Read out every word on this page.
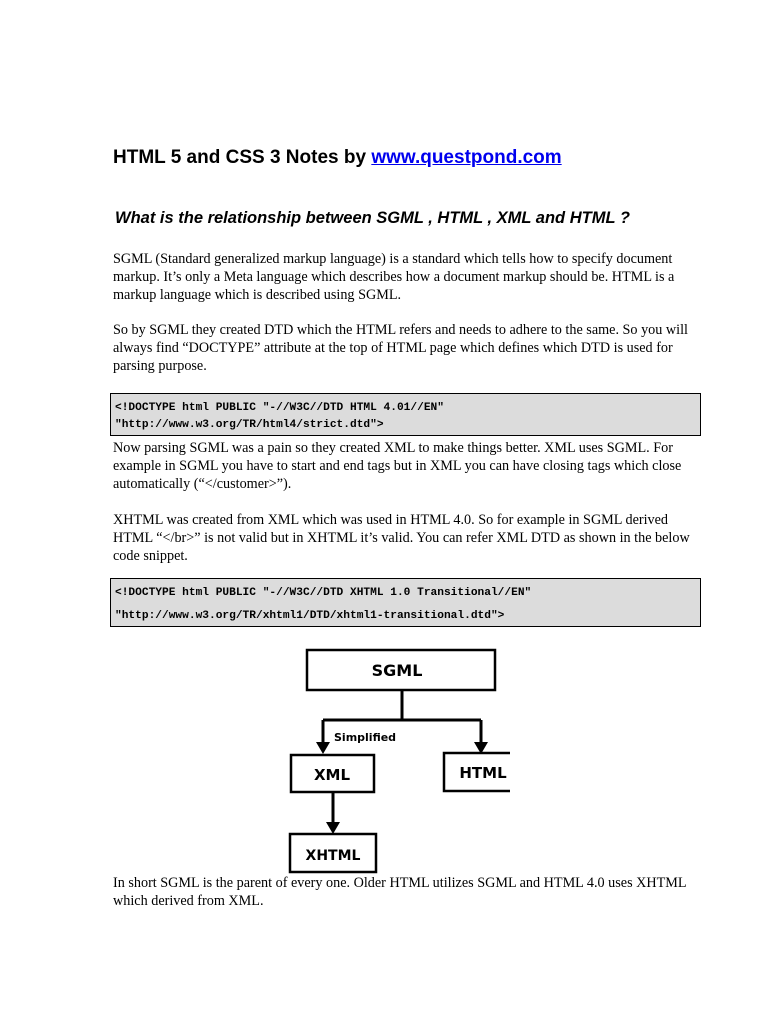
HTML 5 and CSS 3 Notes by www.questpond.com
What is the relationship between SGML , HTML , XML and HTML ?

SGML (Standard generalized markup language) is a standard which tells how to specify document markup. It’s only a Meta language which describes how a document markup should be. HTML is a markup language which is described using SGML.

So by SGML they created DTD which the HTML refers and needs to adhere to the same. So you will always find “DOCTYPE” attribute at the top of HTML page which defines which DTD is used for parsing purpose.

<!DOCTYPE html PUBLIC "-//W3C//DTD HTML 4.01//EN"
"http://www.w3.org/TR/html4/strict.dtd">

Now parsing SGML was a pain so they created XML to make things better. XML uses SGML. For example in SGML you have to start and end tags but in XML you can have closing tags which close automatically (“</customer>”).

XHTML was created from XML which was used in HTML 4.0. So for example in SGML derived HTML “</br>” is not valid but in XHTML it’s valid. You can refer XML DTD as shown in the below code snippet.

<!DOCTYPE html PUBLIC "-//W3C//DTD XHTML 1.0 Transitional//EN"
"http://www.w3.org/TR/xhtml1/DTD/xhtml1-transitional.dtd">
SGML
Simplified
XML	HTML
XHTML

In short SGML is the parent of every one. Older HTML utilizes SGML and HTML 4.0 uses XHTML which derived from XML.
